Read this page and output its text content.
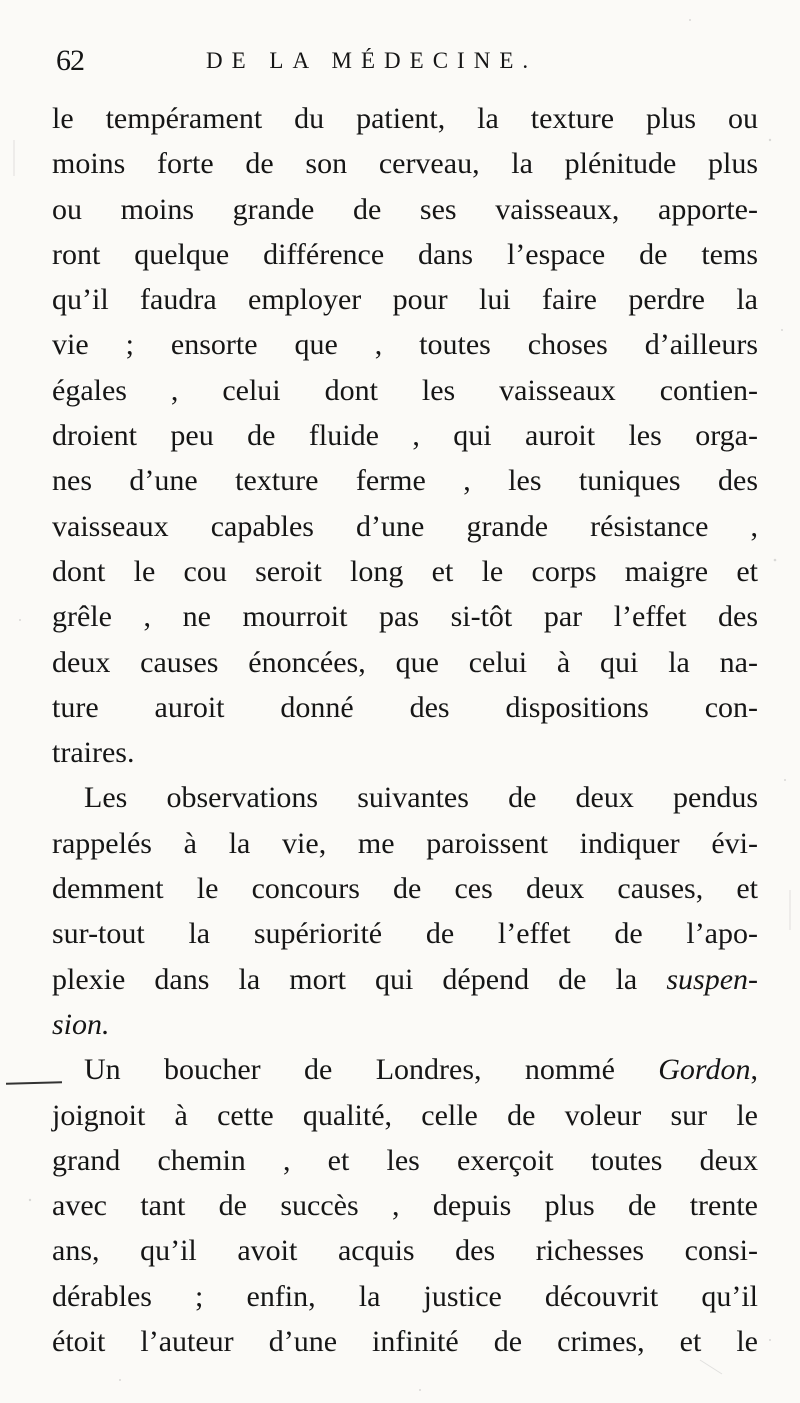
62	DE LA MÉDECINE.
le tempérament du patient, la texture plus ou
moins forte de son cerveau, la plénitude plus
ou moins grande de ses vaisseaux, apporte-
ront quelque différence dans l’espace de tems
qu’il faudra employer pour lui faire perdre la
vie ; ensorte que , toutes choses d’ailleurs
égales , celui dont les vaisseaux contien-
droient peu de fluide , qui auroit les orga-
nes d’une texture ferme , les tuniques des
vaisseaux capables d’une grande résistance ,
dont le cou seroit long et le corps maigre et
grêle , ne mourroit pas si-tôt par l’effet des
deux causes énoncées, que celui à qui la na-
ture auroit donné des dispositions con-
traires.
Les observations suivantes de deux pendus
rappelés à la vie, me paroissent indiquer évi-
demment le concours de ces deux causes, et
sur-tout la supériorité de l’effet de l’apo-
plexie dans la mort qui dépend de la suspen-
sion.
Un boucher de Londres, nommé Gordon,
joignoit à cette qualité, celle de voleur sur le
grand chemin , et les exerçoit toutes deux
avec tant de succès , depuis plus de trente
ans, qu’il avoit acquis des richesses consi-
dérables ; enfin, la justice découvrit qu’il
étoit l’auteur d’une infinité de crimes, et le
